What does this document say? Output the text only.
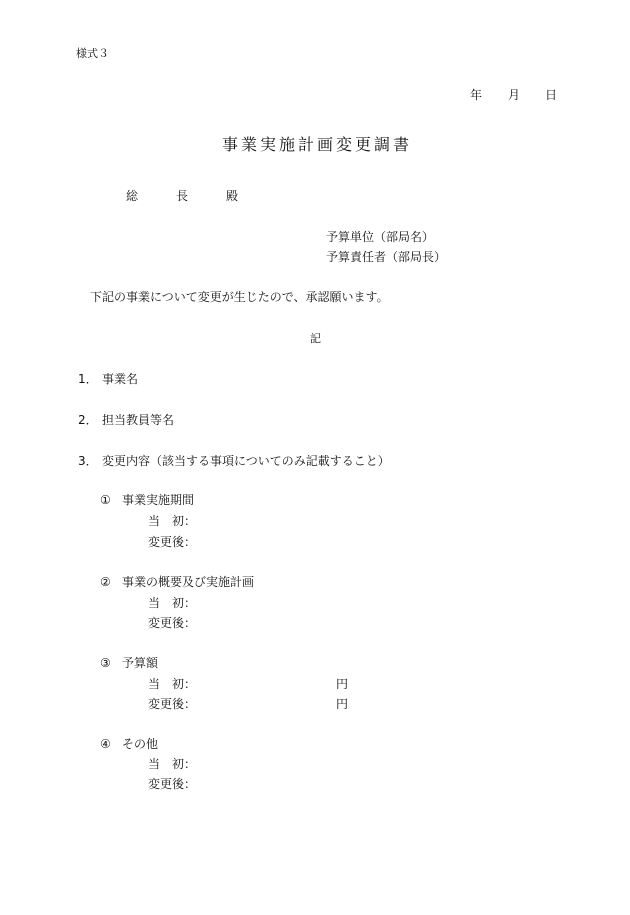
様式３
年 月 日
事業実施計画変更調書
総	長	殿
予算単位（部局名）
予算責任者（部局長）
下記の事業について変更が生じたので、承認願います。
記
1． 事業名
2． 担当教員等名
3． 変更内容（該当する事項についてのみ記載すること）
① 事業実施期間
当　初：
変更後：
② 事業の概要及び実施計画
当　初：
変更後：
③ 予算額
当　初：	円
変更後：	円
④ その他
当　初：
変更後：
